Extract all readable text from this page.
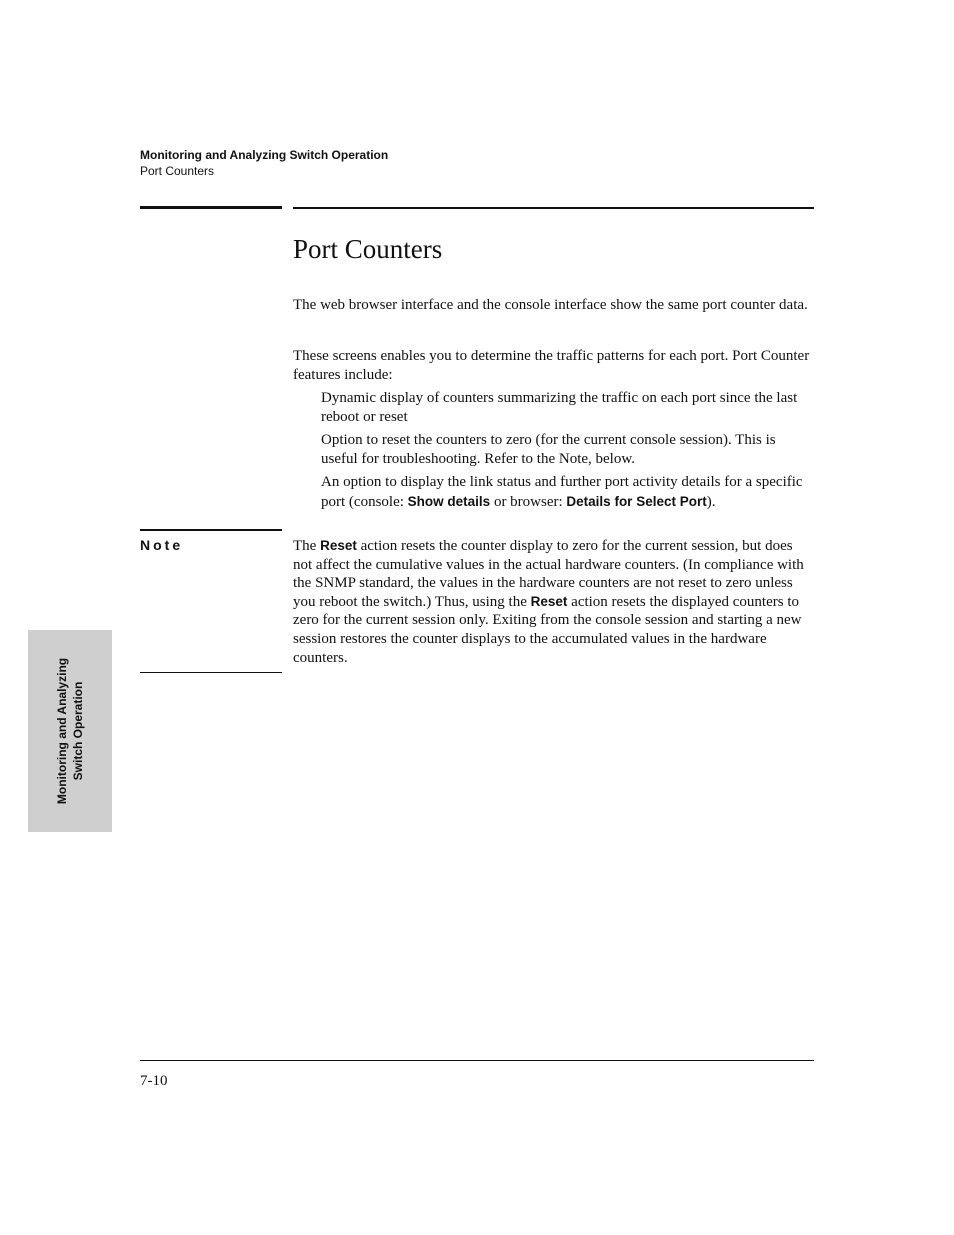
Monitoring and Analyzing Switch Operation
Port Counters
Port Counters

The web browser interface and the console interface show the same port counter data.

These screens enables you to determine the traffic patterns for each port. Port Counter features include:

Dynamic display of counters summarizing the traffic on each port since the last reboot or reset

Option to reset the counters to zero (for the current console session). This is useful for troubleshooting. Refer to the Note, below.

An option to display the link status and further port activity details for a specific port (console: Show details or browser: Details for Select Port).

Note	The Reset action resets the counter display to zero for the current session, but does not affect the cumulative values in the actual hardware counters. (In compliance with the SNMP standard, the values in the hardware counters are not reset to zero unless you reboot the switch.) Thus, using the Reset action resets the displayed counters to zero for the current session only. Exiting from the console session and starting a new session restores the counter displays to the accumulated values in the hardware counters.

Monitoring and Analyzing Switch Operation
7-10
